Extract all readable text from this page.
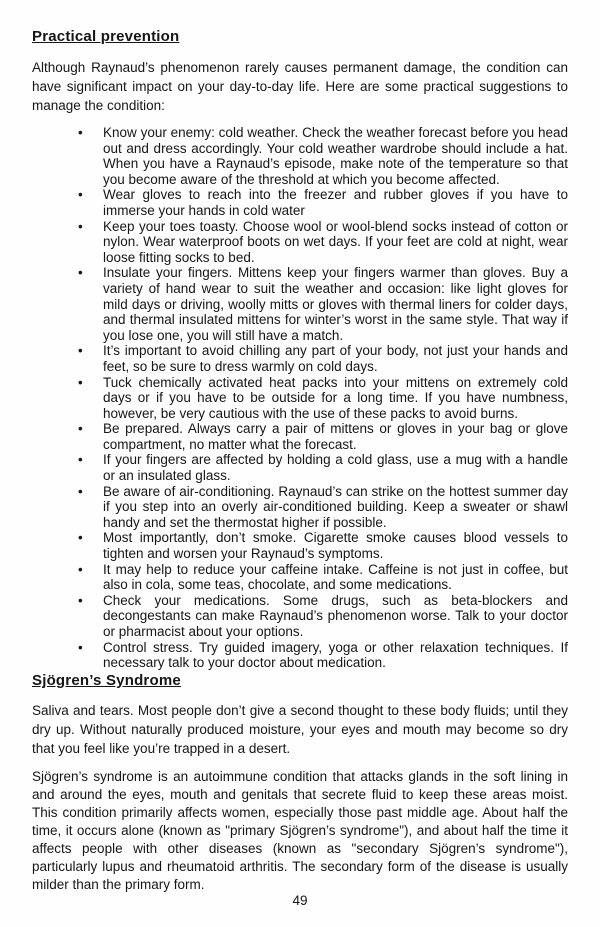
Practical prevention

Although Raynaud’s phenomenon rarely causes permanent damage, the condition can have significant impact on your day-to-day life. Here are some practical suggestions to manage the condition:

• Know your enemy: cold weather. Check the weather forecast before you head out and dress accordingly. Your cold weather wardrobe should include a hat. When you have a Raynaud’s episode, make note of the temperature so that you become aware of the threshold at which you become affected.
• Wear gloves to reach into the freezer and rubber gloves if you have to immerse your hands in cold water
• Keep your toes toasty. Choose wool or wool-blend socks instead of cotton or nylon. Wear waterproof boots on wet days. If your feet are cold at night, wear loose fitting socks to bed.
• Insulate your fingers. Mittens keep your fingers warmer than gloves. Buy a variety of hand wear to suit the weather and occasion: like light gloves for mild days or driving, woolly mitts or gloves with thermal liners for colder days, and thermal insulated mittens for winter’s worst in the same style. That way if you lose one, you will still have a match.
• It’s important to avoid chilling any part of your body, not just your hands and feet, so be sure to dress warmly on cold days.
• Tuck chemically activated heat packs into your mittens on extremely cold days or if you have to be outside for a long time. If you have numbness, however, be very cautious with the use of these packs to avoid burns.
• Be prepared. Always carry a pair of mittens or gloves in your bag or glove compartment, no matter what the forecast.
• If your fingers are affected by holding a cold glass, use a mug with a handle or an insulated glass.
• Be aware of air-conditioning. Raynaud’s can strike on the hottest summer day if you step into an overly air-conditioned building. Keep a sweater or shawl handy and set the thermostat higher if possible.
• Most importantly, don’t smoke. Cigarette smoke causes blood vessels to tighten and worsen your Raynaud’s symptoms.
• It may help to reduce your caffeine intake. Caffeine is not just in coffee, but also in cola, some teas, chocolate, and some medications.
• Check your medications. Some drugs, such as beta-blockers and decongestants can make Raynaud’s phenomenon worse. Talk to your doctor or pharmacist about your options.
• Control stress. Try guided imagery, yoga or other relaxation techniques. If necessary talk to your doctor about medication.
Sjögren’s Syndrome

Saliva and tears. Most people don’t give a second thought to these body fluids; until they dry up. Without naturally produced moisture, your eyes and mouth may become so dry that you feel like you’re trapped in a desert.

Sjögren’s syndrome is an autoimmune condition that attacks glands in the soft lining in and around the eyes, mouth and genitals that secrete fluid to keep these areas moist. This condition primarily affects women, especially those past middle age. About half the time, it occurs alone (known as "primary Sjögren’s syndrome"), and about half the time it affects people with other diseases (known as "secondary Sjögren’s syndrome"), particularly lupus and rheumatoid arthritis. The secondary form of the disease is usually milder than the primary form.

49
